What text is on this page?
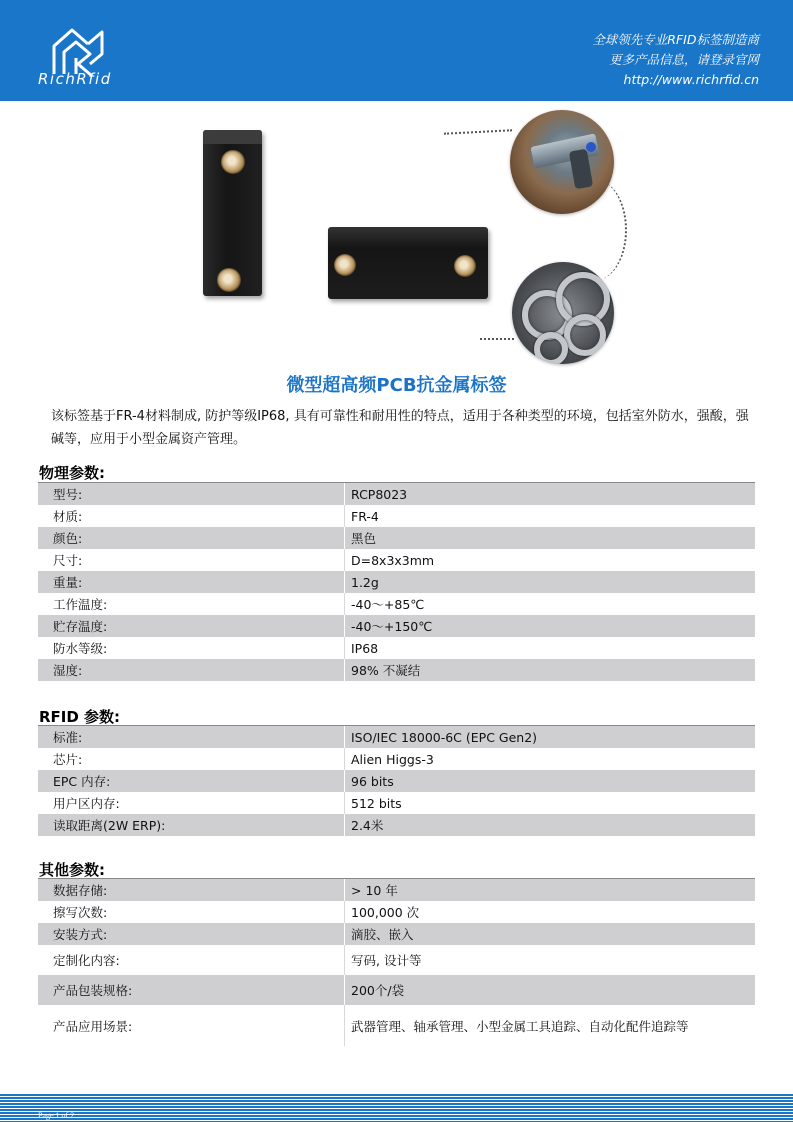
RichRfid
全球领先专业RFID标签制造商
更多产品信息，请登录官网
http://www.richrfid.cn
微型超高频PCB抗金属标签
该标签基于FR-4材料制成, 防护等级IP68, 具有可靠性和耐用性的特点，适用于各种类型的环境，包括室外防水，强酸，强碱等，应用于小型金属资产管理。
物理参数:
型号:	RCP8023
材质:	FR-4
颜色:	黑色
尺寸:	D=8x3x3mm
重量:	1.2g
工作温度:	-40～+85℃
贮存温度:	-40～+150℃
防水等级:	IP68
湿度:	98% 不凝结
RFID 参数:
标准:	ISO/IEC 18000-6C (EPC Gen2)
芯片:	Alien Higgs-3
EPC 内存:	96 bits
用户区内存:	512 bits
读取距离(2W ERP):	2.4米
其他参数:
数据存储:	> 10 年
擦写次数:	100,000 次
安装方式:	滴胶、嵌入
定制化内容:	写码, 设计等
产品包装规格:	200个/袋
产品应用场景:	武器管理、轴承管理、小型金属工具追踪、自动化配件追踪等
Page 1 of 2
